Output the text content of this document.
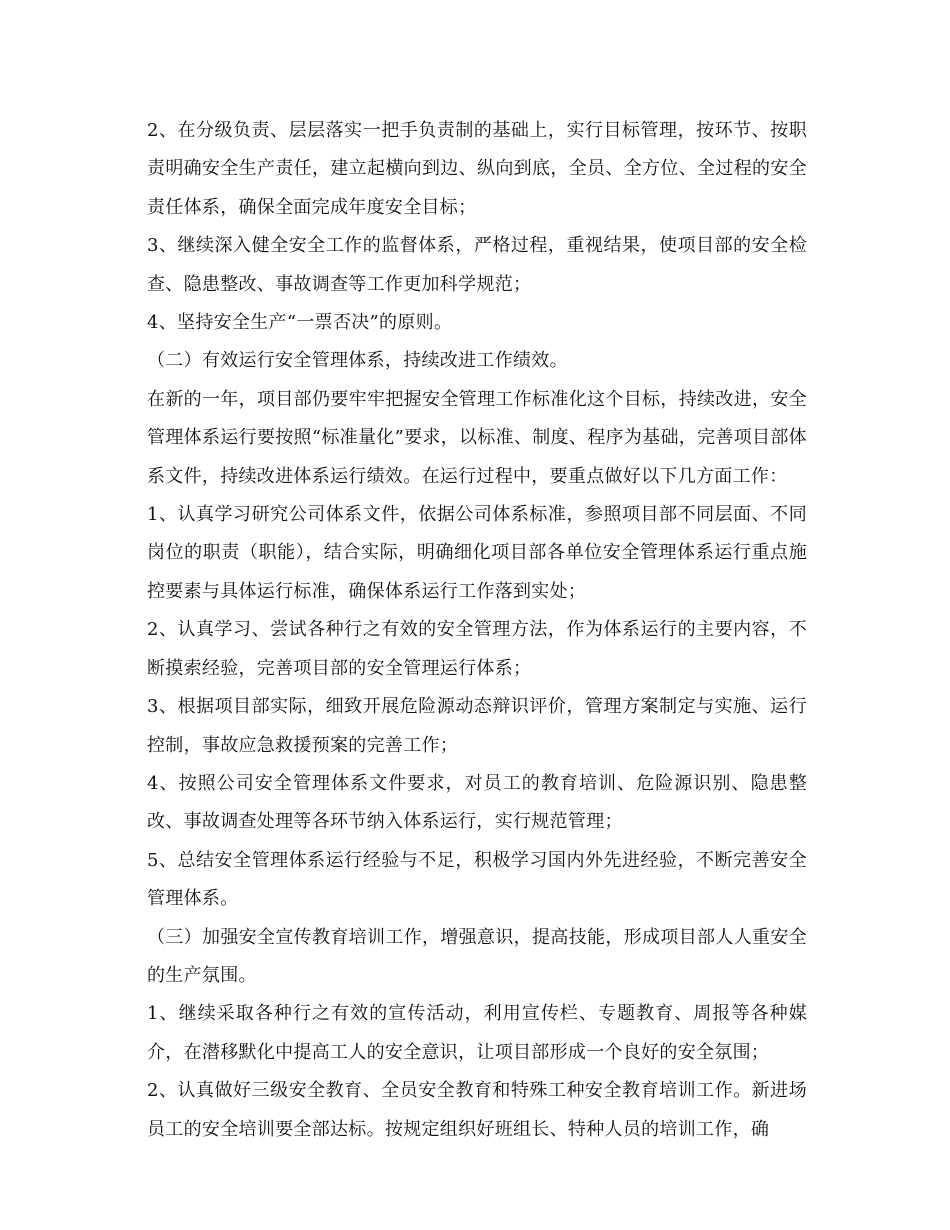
2、在分级负责、层层落实一把手负责制的基础上，实行目标管理，按环节、按职责明确安全生产责任，建立起横向到边、纵向到底，全员、全方位、全过程的安全责任体系，确保全面完成年度安全目标；

3、继续深入健全安全工作的监督体系，严格过程，重视结果，使项目部的安全检查、隐患整改、事故调查等工作更加科学规范；

4、坚持安全生产“一票否决”的原则。

（二）有效运行安全管理体系，持续改进工作绩效。

在新的一年，项目部仍要牢牢把握安全管理工作标准化这个目标，持续改进，安全管理体系运行要按照“标准量化”要求，以标准、制度、程序为基础，完善项目部体系文件，持续改进体系运行绩效。在运行过程中，要重点做好以下几方面工作：

1、认真学习研究公司体系文件，依据公司体系标准，参照项目部不同层面、不同岗位的职责（职能），结合实际，明确细化项目部各单位安全管理体系运行重点施控要素与具体运行标准，确保体系运行工作落到实处；

2、认真学习、尝试各种行之有效的安全管理方法，作为体系运行的主要内容，不断摸索经验，完善项目部的安全管理运行体系；

3、根据项目部实际，细致开展危险源动态辩识评价，管理方案制定与实施、运行控制，事故应急救援预案的完善工作；

4、按照公司安全管理体系文件要求，对员工的教育培训、危险源识别、隐患整改、事故调查处理等各环节纳入体系运行，实行规范管理；

5、总结安全管理体系运行经验与不足，积极学习国内外先进经验，不断完善安全管理体系。

（三）加强安全宣传教育培训工作，增强意识，提高技能，形成项目部人人重安全的生产氛围。

1、继续采取各种行之有效的宣传活动，利用宣传栏、专题教育、周报等各种媒介，在潜移默化中提高工人的安全意识，让项目部形成一个良好的安全氛围；

2、认真做好三级安全教育、全员安全教育和特殊工种安全教育培训工作。新进场员工的安全培训要全部达标。按规定组织好班组长、特种人员的培训工作，确
